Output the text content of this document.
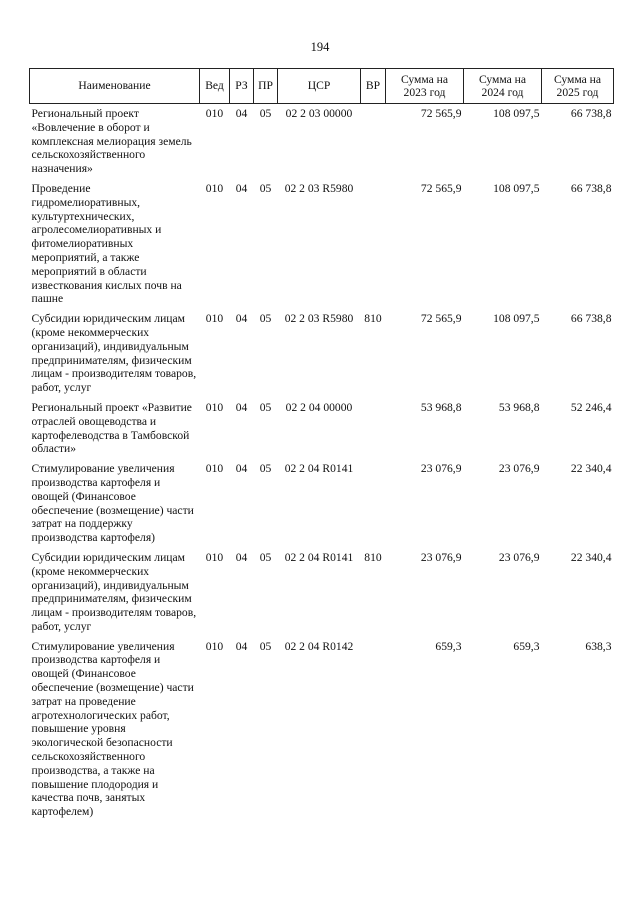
194
Наименование	Вед	РЗ	ПР	ЦСР	ВР	Сумма на 2023 год	Сумма на 2024 год	Сумма на 2025 год
Региональный проект «Вовлечение в оборот и комплексная мелиорация земель сельскохозяйственного назначения»	010	04	05	02 2 03 00000		72 565,9	108 097,5	66 738,8
Проведение гидромелиоративных, культуртехнических, агролесомелиоративных и фитомелиоративных мероприятий, а также мероприятий в области известкования кислых почв на пашне	010	04	05	02 2 03 R5980		72 565,9	108 097,5	66 738,8
Субсидии юридическим лицам (кроме некоммерческих организаций), индивидуальным предпринимателям, физическим лицам - производителям товаров, работ, услуг	010	04	05	02 2 03 R5980	810	72 565,9	108 097,5	66 738,8
Региональный проект «Развитие отраслей овощеводства и картофелеводства в Тамбовской области»	010	04	05	02 2 04 00000		53 968,8	53 968,8	52 246,4
Стимулирование увеличения производства картофеля и овощей (Финансовое обеспечение (возмещение) части затрат на поддержку производства картофеля)	010	04	05	02 2 04 R0141		23 076,9	23 076,9	22 340,4
Субсидии юридическим лицам (кроме некоммерческих организаций), индивидуальным предпринимателям, физическим лицам - производителям товаров, работ, услуг	010	04	05	02 2 04 R0141	810	23 076,9	23 076,9	22 340,4
Стимулирование увеличения производства картофеля и овощей (Финансовое обеспечение (возмещение) части затрат на проведение агротехнологических работ, повышение уровня экологической безопасности сельскохозяйственного производства, а также на повышение плодородия и качества почв, занятых картофелем)	010	04	05	02 2 04 R0142		659,3	659,3	638,3
